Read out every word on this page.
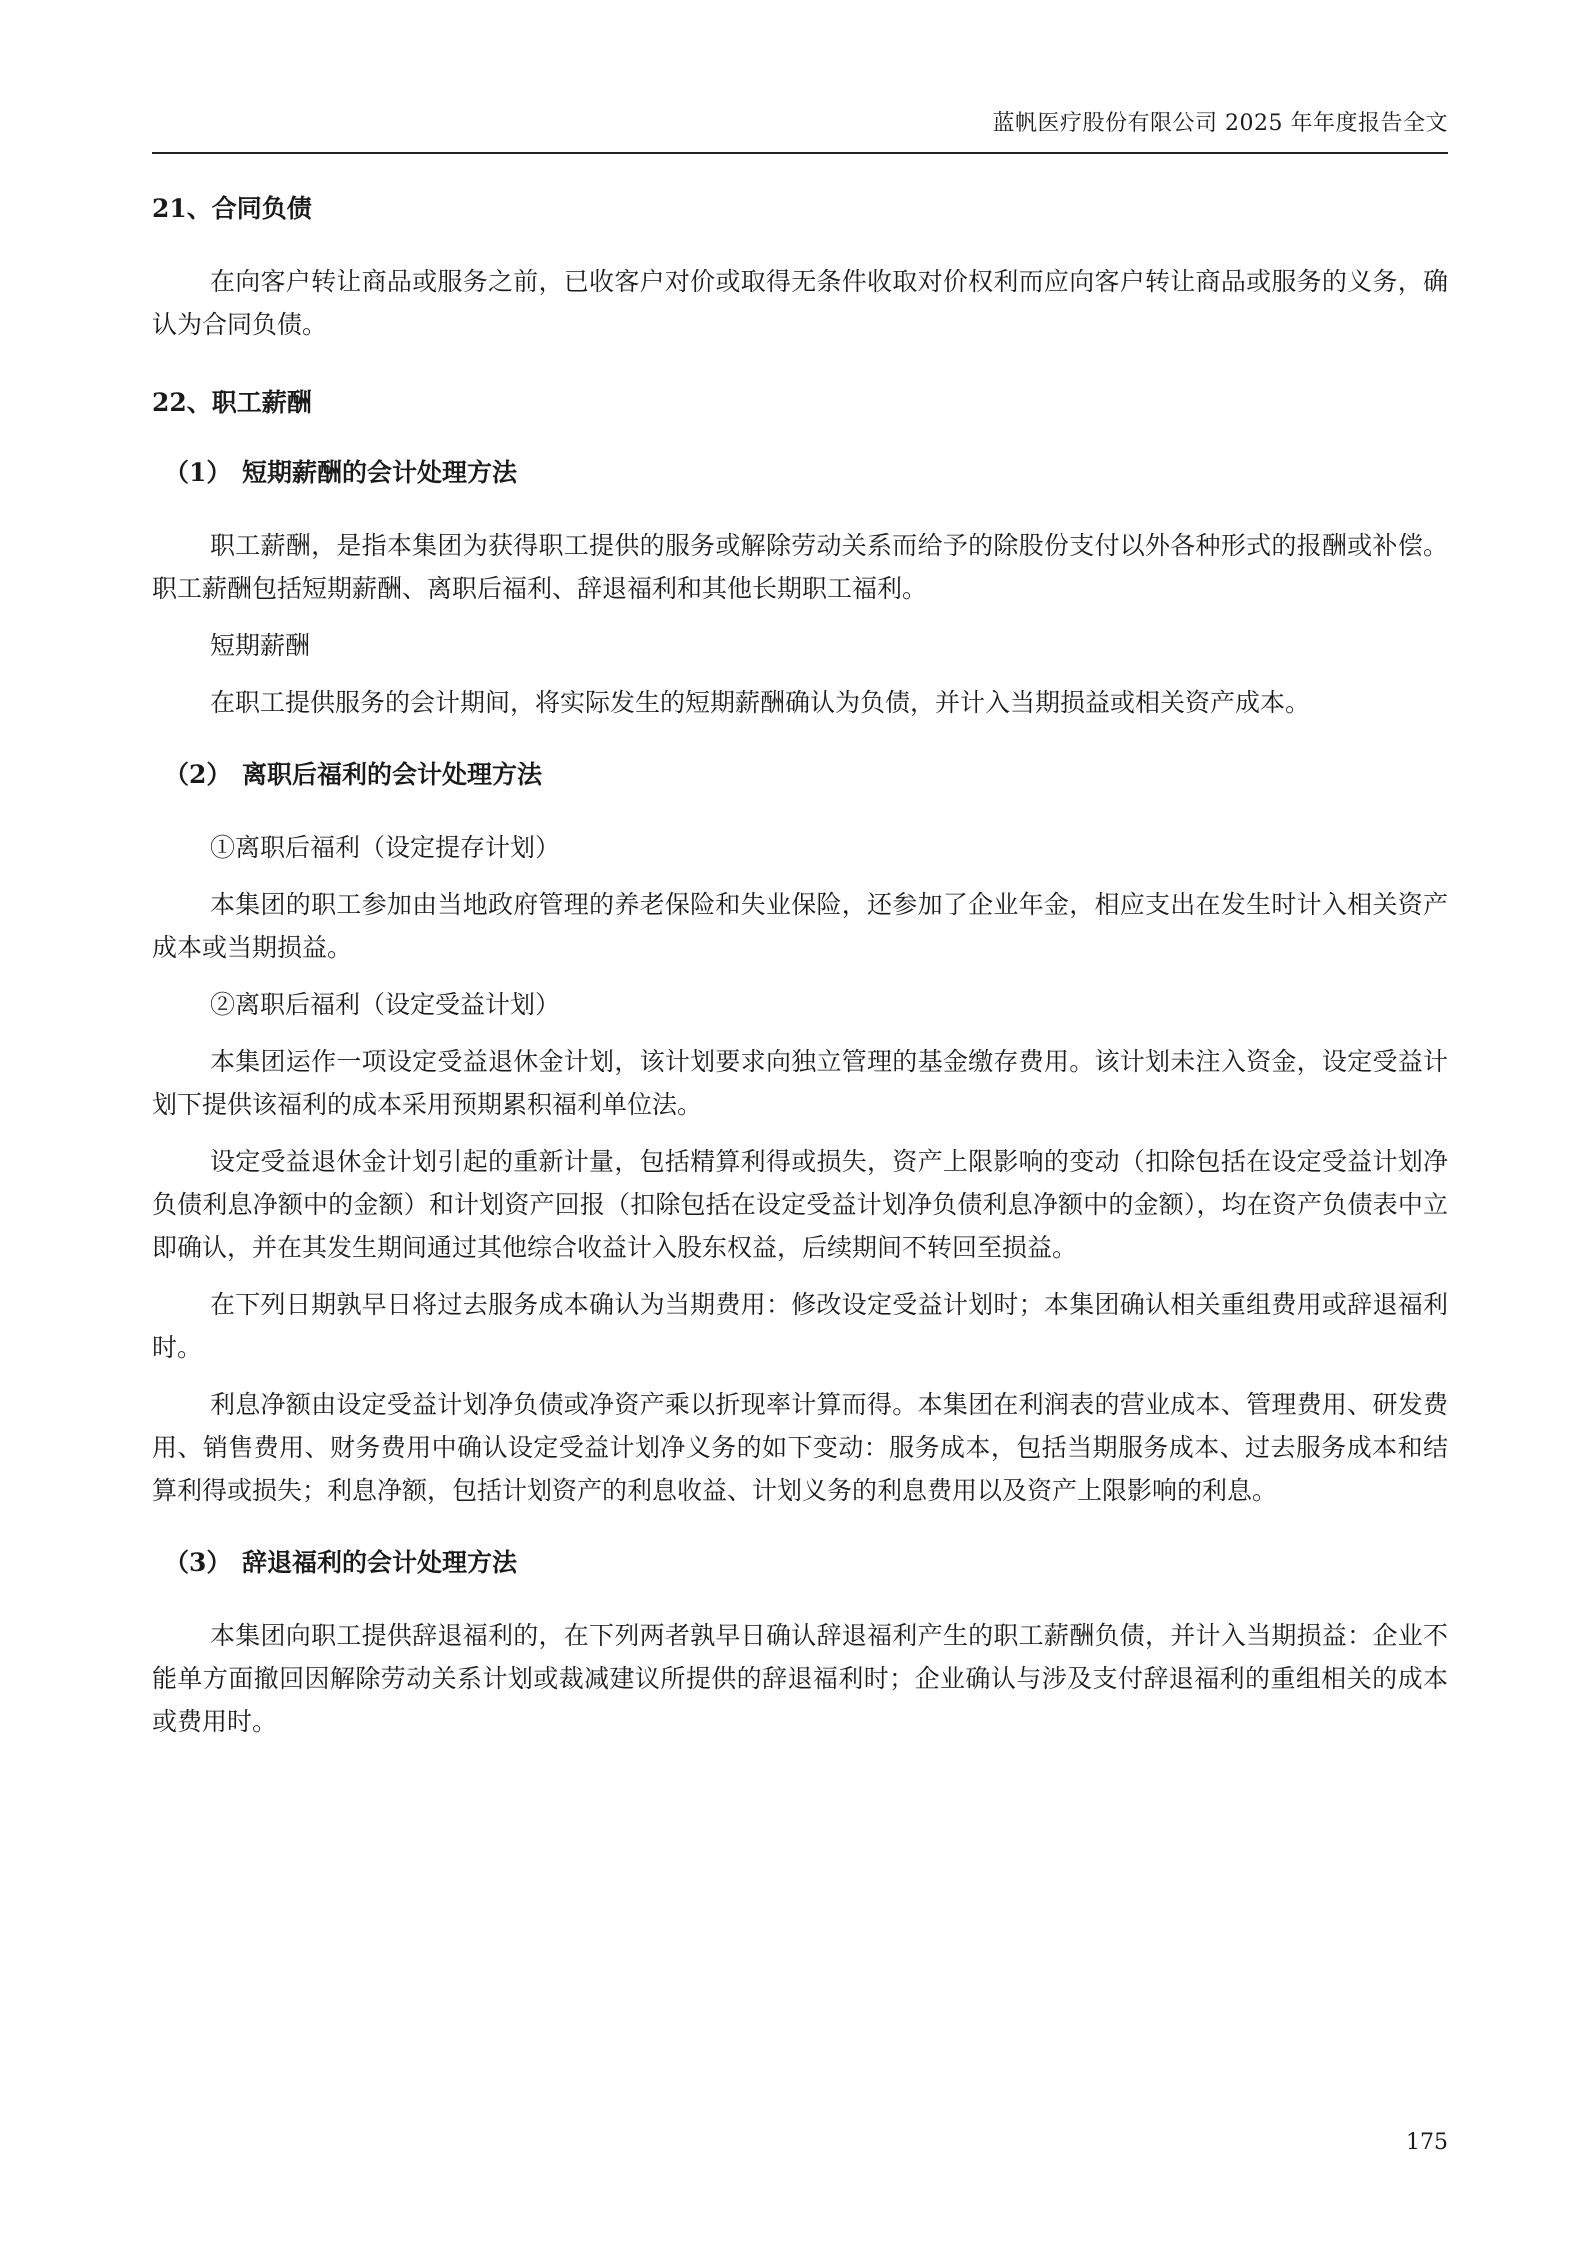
蓝帆医疗股份有限公司 2025 年年度报告全文

21、合同负债

在向客户转让商品或服务之前，已收客户对价或取得无条件收取对价权利而应向客户转让商品或服务的义务，确认为合同负债。

22、职工薪酬

（1） 短期薪酬的会计处理方法

职工薪酬，是指本集团为获得职工提供的服务或解除劳动关系而给予的除股份支付以外各种形式的报酬或补偿。职工薪酬包括短期薪酬、离职后福利、辞退福利和其他长期职工福利。

短期薪酬

在职工提供服务的会计期间，将实际发生的短期薪酬确认为负债，并计入当期损益或相关资产成本。

（2） 离职后福利的会计处理方法

①离职后福利（设定提存计划）

本集团的职工参加由当地政府管理的养老保险和失业保险，还参加了企业年金，相应支出在发生时计入相关资产成本或当期损益。

②离职后福利（设定受益计划）

本集团运作一项设定受益退休金计划，该计划要求向独立管理的基金缴存费用。该计划未注入资金，设定受益计划下提供该福利的成本采用预期累积福利单位法。

设定受益退休金计划引起的重新计量，包括精算利得或损失，资产上限影响的变动（扣除包括在设定受益计划净负债利息净额中的金额）和计划资产回报（扣除包括在设定受益计划净负债利息净额中的金额），均在资产负债表中立即确认，并在其发生期间通过其他综合收益计入股东权益，后续期间不转回至损益。

在下列日期孰早日将过去服务成本确认为当期费用：修改设定受益计划时；本集团确认相关重组费用或辞退福利时。

利息净额由设定受益计划净负债或净资产乘以折现率计算而得。本集团在利润表的营业成本、管理费用、研发费用、销售费用、财务费用中确认设定受益计划净义务的如下变动：服务成本，包括当期服务成本、过去服务成本和结算利得或损失；利息净额，包括计划资产的利息收益、计划义务的利息费用以及资产上限影响的利息。

（3） 辞退福利的会计处理方法

本集团向职工提供辞退福利的，在下列两者孰早日确认辞退福利产生的职工薪酬负债，并计入当期损益：企业不能单方面撤回因解除劳动关系计划或裁减建议所提供的辞退福利时；企业确认与涉及支付辞退福利的重组相关的成本或费用时。

175
